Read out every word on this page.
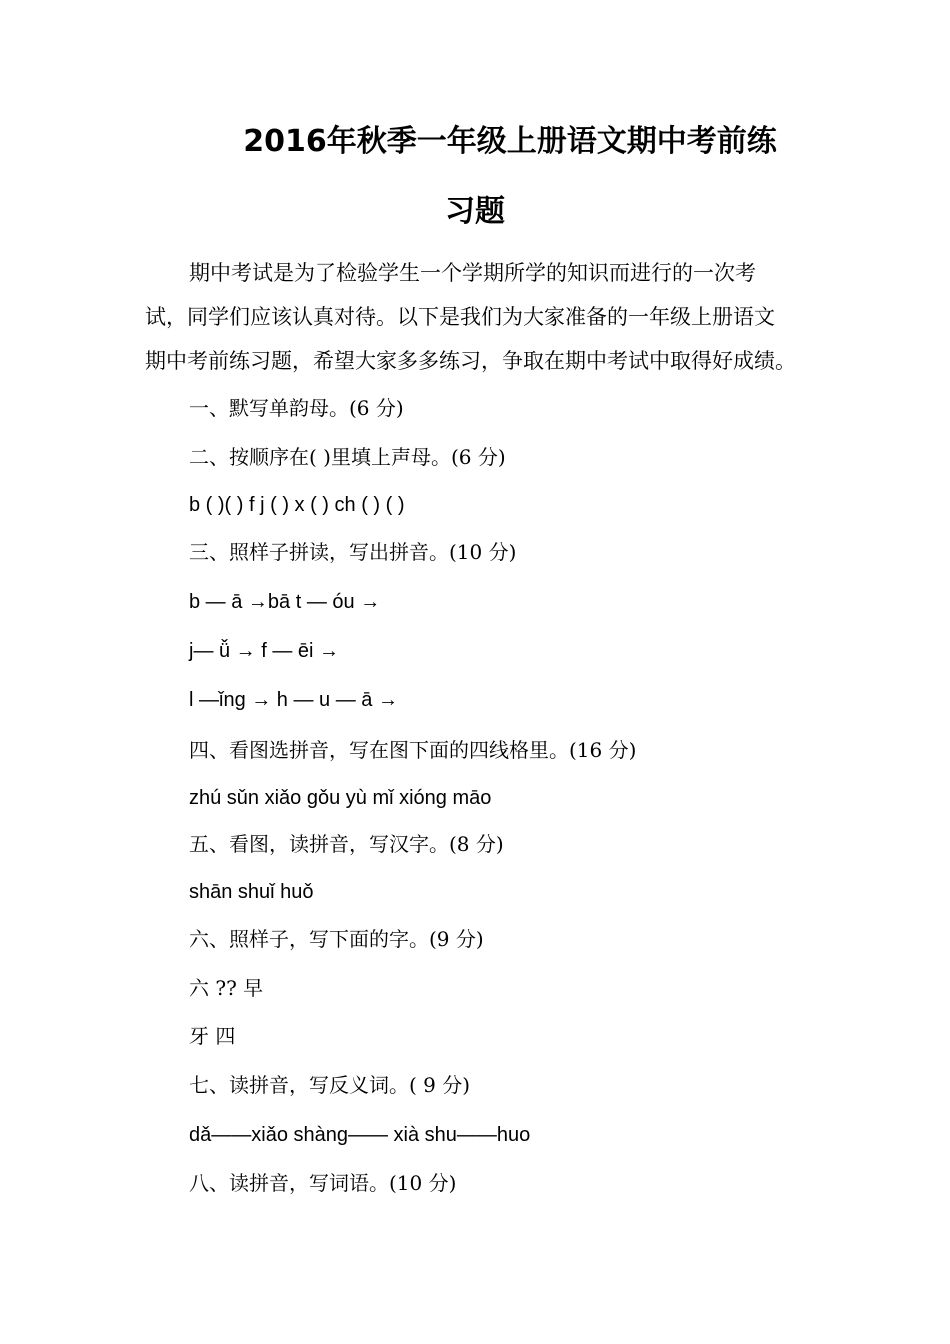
2016年秋季一年级上册语文期中考前练
习题
期中考试是为了检验学生一个学期所学的知识而进行的一次考
试，同学们应该认真对待。以下是我们为大家准备的一年级上册语文
期中考前练习题，希望大家多多练习，争取在期中考试中取得好成绩。
一、默写单韵母。(6 分)
二、按顺序在( )里填上声母。(6 分)
b ( )( ) f j ( ) x ( ) ch ( ) ( )
三、照样子拼读，写出拼音。(10 分)
b — ā →bā t — óu →
j— ǚ → f — ēi →
l —ǐng → h — u — ā →
四、看图选拼音，写在图下面的四线格里。(16 分)
zhú sǔn xiǎo gǒu yù mǐ xióng māo
五、看图，读拼音，写汉字。(8 分)
shān shuǐ huǒ
六、照样子，写下面的字。(9 分)
六 ?? 早
牙 四
七、读拼音，写反义词。( 9 分)
dǎ——xiǎo shàng—— xià shu——huo
八、读拼音，写词语。(10 分)
